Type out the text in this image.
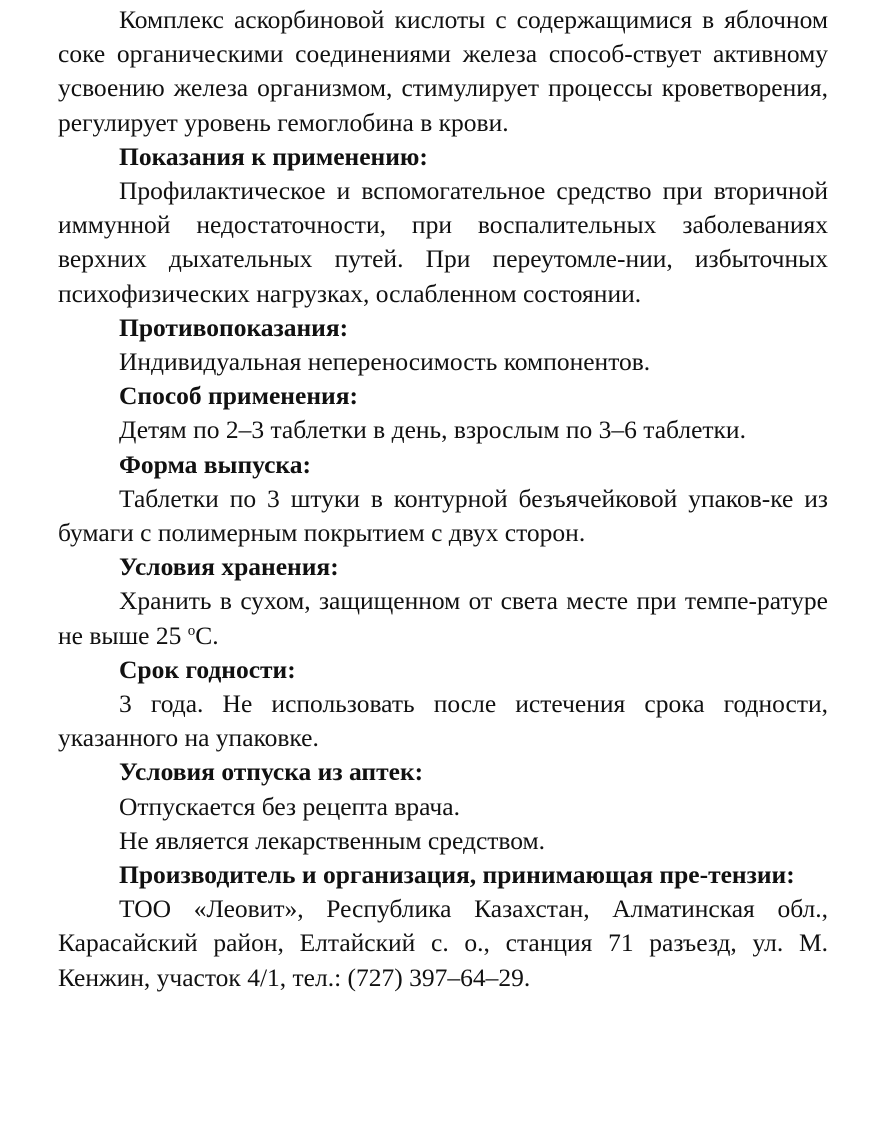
Комплекс аскорбиновой кислоты с содержащимися в яблочном соке органическими соединениями железа способ-ствует активному усвоению железа организмом, стимулирует процессы кроветворения, регулирует уровень гемоглобина в крови.

Показания к применению:

Профилактическое и вспомогательное средство при вторичной иммунной недостаточности, при воспалительных заболеваниях верхних дыхательных путей. При переутомле-нии, избыточных психофизических нагрузках, ослабленном состоянии.

Противопоказания:

Индивидуальная непереносимость компонентов.

Способ применения:

Детям по 2–3 таблетки в день, взрослым по 3–6 таблетки.

Форма выпуска:

Таблетки по 3 штуки в контурной безъячейковой упаков-ке из бумаги с полимерным покрытием с двух сторон.

Условия хранения:

Хранить в сухом, защищенном от света месте при темпе-ратуре не выше 25 $^о$С.

Срок годности:

3 года. Не использовать после истечения срока годности, указанного на упаковке.

Условия отпуска из аптек:

Отпускается без рецепта врача.

Не является лекарственным средством.

Производитель и организация, принимающая пре-тензии:

ТОО «Леовит», Республика Казахстан, Алматинская обл., Карасайский район, Елтайский с. о., станция 71 разъезд, ул. М. Кенжин, участок 4/1, тел.: (727) 397–64–29.
